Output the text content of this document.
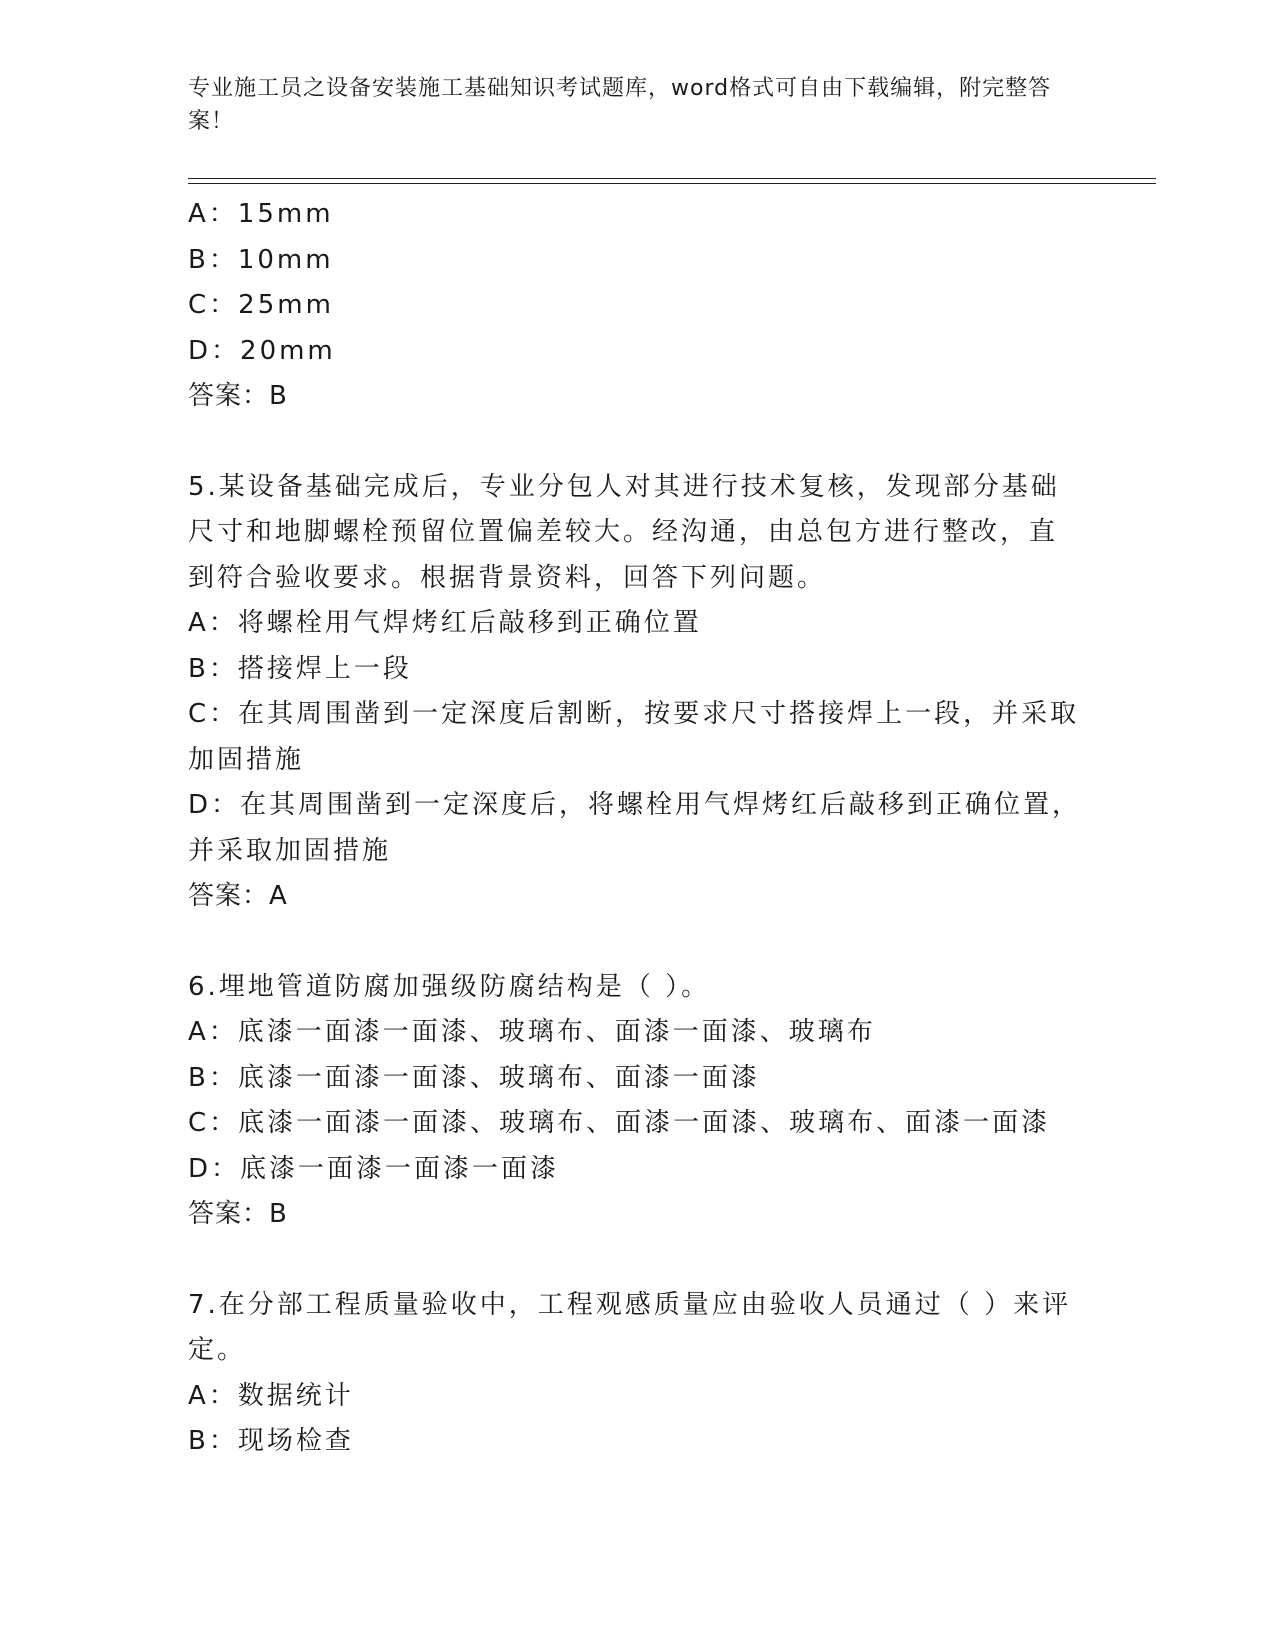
专业施工员之设备安装施工基础知识考试题库，word格式可自由下载编辑，附完整答案！
A：15mm
B：10mm
C：25mm
D：20mm
答案：B
5.某设备基础完成后，专业分包人对其进行技术复核，发现部分基础
尺寸和地脚螺栓预留位置偏差较大。经沟通，由总包方进行整改，直
到符合验收要求。根据背景资料，回答下列问题。
A：将螺栓用气焊烤红后敲移到正确位置
B：搭接焊上一段
C：在其周围凿到一定深度后割断，按要求尺寸搭接焊上一段，并采取
加固措施
D：在其周围凿到一定深度后，将螺栓用气焊烤红后敲移到正确位置，
并采取加固措施
答案：A
6.埋地管道防腐加强级防腐结构是（ ）。
A：底漆一面漆一面漆、玻璃布、面漆一面漆、玻璃布
B：底漆一面漆一面漆、玻璃布、面漆一面漆
C：底漆一面漆一面漆、玻璃布、面漆一面漆、玻璃布、面漆一面漆
D：底漆一面漆一面漆一面漆
答案：B
7.在分部工程质量验收中，工程观感质量应由验收人员通过（ ）来评
定。
A：数据统计
B：现场检查
